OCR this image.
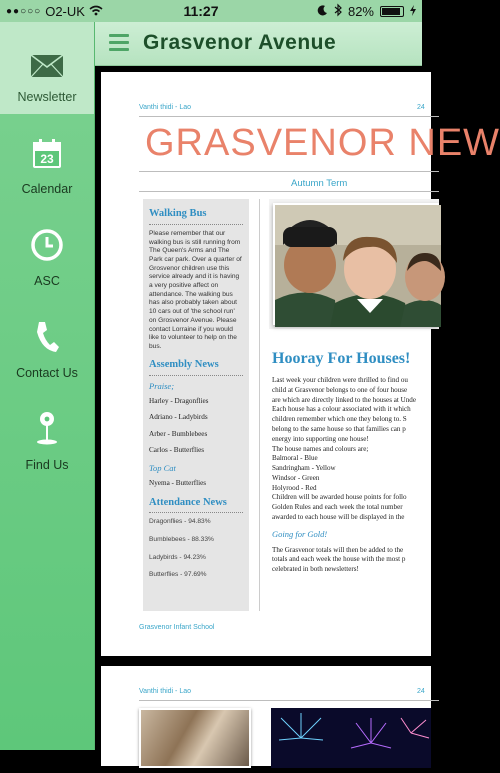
●●○○○ O2-UK	11:27	82%
Newsletter
23
Calendar
ASC
Contact Us
Find Us
Grasvenor Avenue
Vanthi thidi - Lao	24
GRASVENOR NEW
Autumn Term
Walking Bus

Please remember that our walking bus is still running from The Queen's Arms and The Park car park. Over a quarter of Grosvenor children use this service already and it is having a very positive affect on attendance. The walking bus has also probably taken about 10 cars out of 'the school run' on Grosvenor Avenue. Please contact Lorraine if you would like to volunteer to help on the bus.

Assembly News
Praise;
Harley - Dragonflies
Adriano - Ladybirds
Arber - Bumblebees
Carlos - Butterflies
Top Cat
Nyema - Butterflies
Attendance News
Dragonflies - 94.83%
Bumblebees - 88.33%
Ladybirds - 94.23%
Butterflies - 97.69%
Hooray For Houses!
Last week your children were thrilled to find ou
child at Grasvenor belongs to one of four house
are which are directly linked to the houses at Unde
Each house has a colour associated with it which
children remember which one they belong to. S
belong to the same house so that families can p
energy into supporting one house!
The house names and colours are;
Balmoral - Blue
Sandringham - Yellow
Windsor - Green
Holyrood - Red
Children will be awarded house points for follo
Golden Rules and each week the total number
awarded to each house will be displayed in the
Going for Gold!
The Grasvenor totals will then be added to the
totals and each week the house with the most p
celebrated in both newsletters!
Grasvenor Infant School
Vanthi thidi - Lao	24
